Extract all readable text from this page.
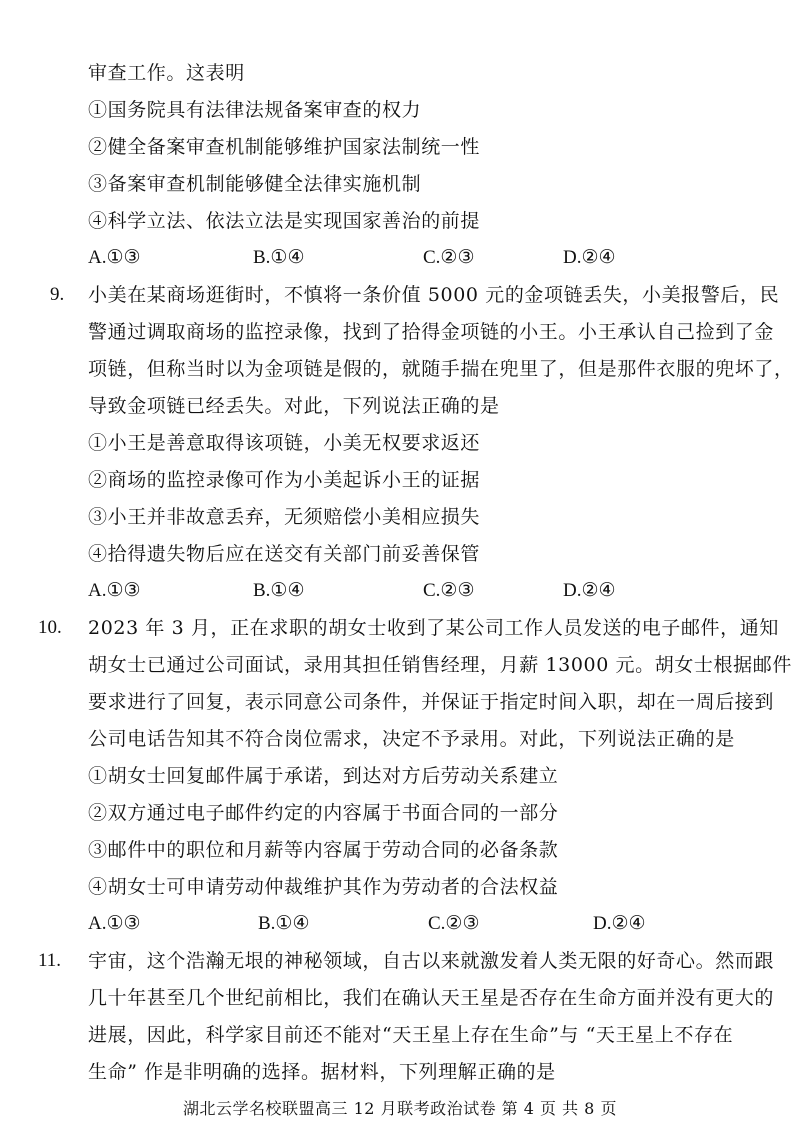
审查工作。这表明
①国务院具有法律法规备案审查的权力
②健全备案审查机制能够维护国家法制统一性
③备案审查机制能够健全法律实施机制
④科学立法、依法立法是实现国家善治的前提
A.①③	B.①④	C.②③	D.②④
9. 小美在某商场逛街时，不慎将一条价值 5000 元的金项链丢失，小美报警后，民
警通过调取商场的监控录像，找到了拾得金项链的小王。小王承认自己捡到了金
项链，但称当时以为金项链是假的，就随手揣在兜里了，但是那件衣服的兜坏了，
导致金项链已经丢失。对此，下列说法正确的是
①小王是善意取得该项链，小美无权要求返还
②商场的监控录像可作为小美起诉小王的证据
③小王并非故意丢弃，无须赔偿小美相应损失
④拾得遗失物后应在送交有关部门前妥善保管
A.①③	B.①④	C.②③	D.②④
10. 2023 年 3 月，正在求职的胡女士收到了某公司工作人员发送的电子邮件，通知
胡女士已通过公司面试，录用其担任销售经理，月薪 13000 元。胡女士根据邮件
要求进行了回复，表示同意公司条件，并保证于指定时间入职，却在一周后接到
公司电话告知其不符合岗位需求，决定不予录用。对此，下列说法正确的是
①胡女士回复邮件属于承诺，到达对方后劳动关系建立
②双方通过电子邮件约定的内容属于书面合同的一部分
③邮件中的职位和月薪等内容属于劳动合同的必备条款
④胡女士可申请劳动仲裁维护其作为劳动者的合法权益
A.①③	B.①④	C.②③	D.②④
11. 宇宙，这个浩瀚无垠的神秘领域，自古以来就激发着人类无限的好奇心。然而跟
几十年甚至几个世纪前相比，我们在确认天王星是否存在生命方面并没有更大的
进展，因此，科学家目前还不能对“天王星上存在生命”与 “天王星上不存在
生命” 作是非明确的选择。据材料，下列理解正确的是
湖北云学名校联盟高三 12 月联考政治试卷 第 4 页 共 8 页
